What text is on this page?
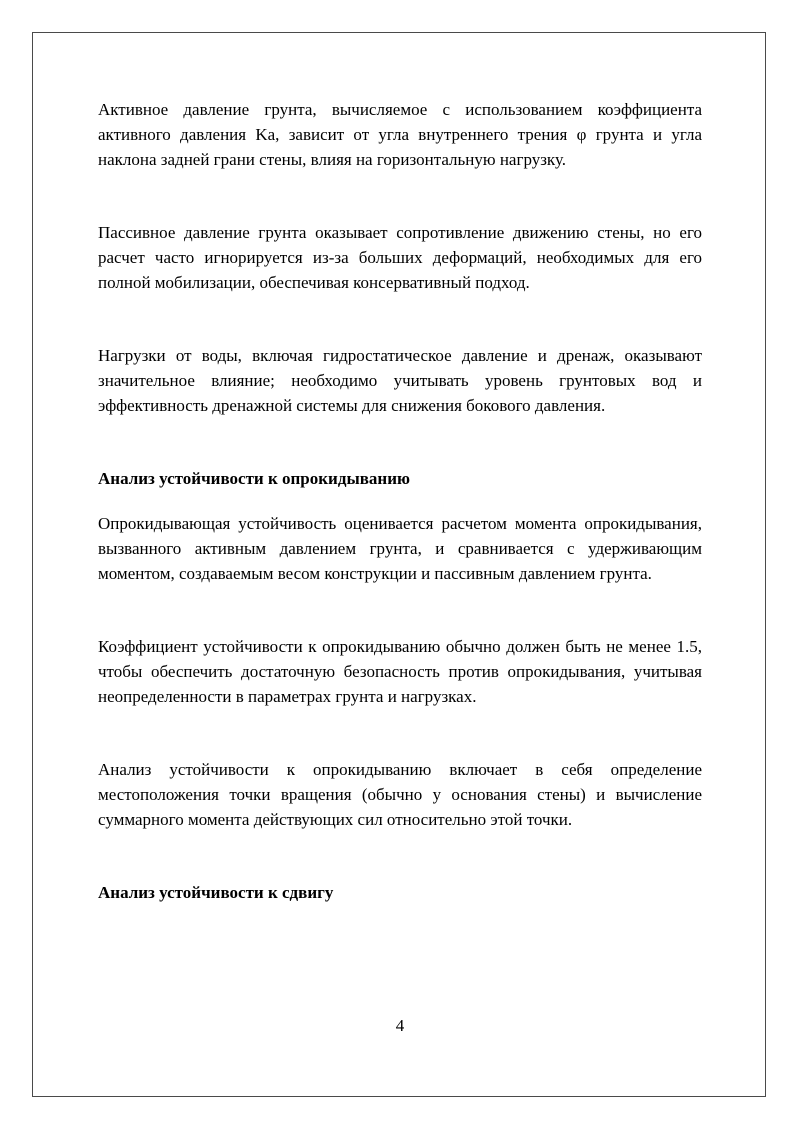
Активное давление грунта, вычисляемое с использованием коэффициента активного давления Ka, зависит от угла внутреннего трения φ грунта и угла наклона задней грани стены, влияя на горизонтальную нагрузку.

Пассивное давление грунта оказывает сопротивление движению стены, но его расчет часто игнорируется из-за больших деформаций, необходимых для его полной мобилизации, обеспечивая консервативный подход.

Нагрузки от воды, включая гидростатическое давление и дренаж, оказывают значительное влияние; необходимо учитывать уровень грунтовых вод и эффективность дренажной системы для снижения бокового давления.

Анализ устойчивости к опрокидыванию

Опрокидывающая устойчивость оценивается расчетом момента опрокидывания, вызванного активным давлением грунта, и сравнивается с удерживающим моментом, создаваемым весом конструкции и пассивным давлением грунта.

Коэффициент устойчивости к опрокидыванию обычно должен быть не менее 1.5, чтобы обеспечить достаточную безопасность против опрокидывания, учитывая неопределенности в параметрах грунта и нагрузках.

Анализ устойчивости к опрокидыванию включает в себя определение местоположения точки вращения (обычно у основания стены) и вычисление суммарного момента действующих сил относительно этой точки.

Анализ устойчивости к сдвигу

4
